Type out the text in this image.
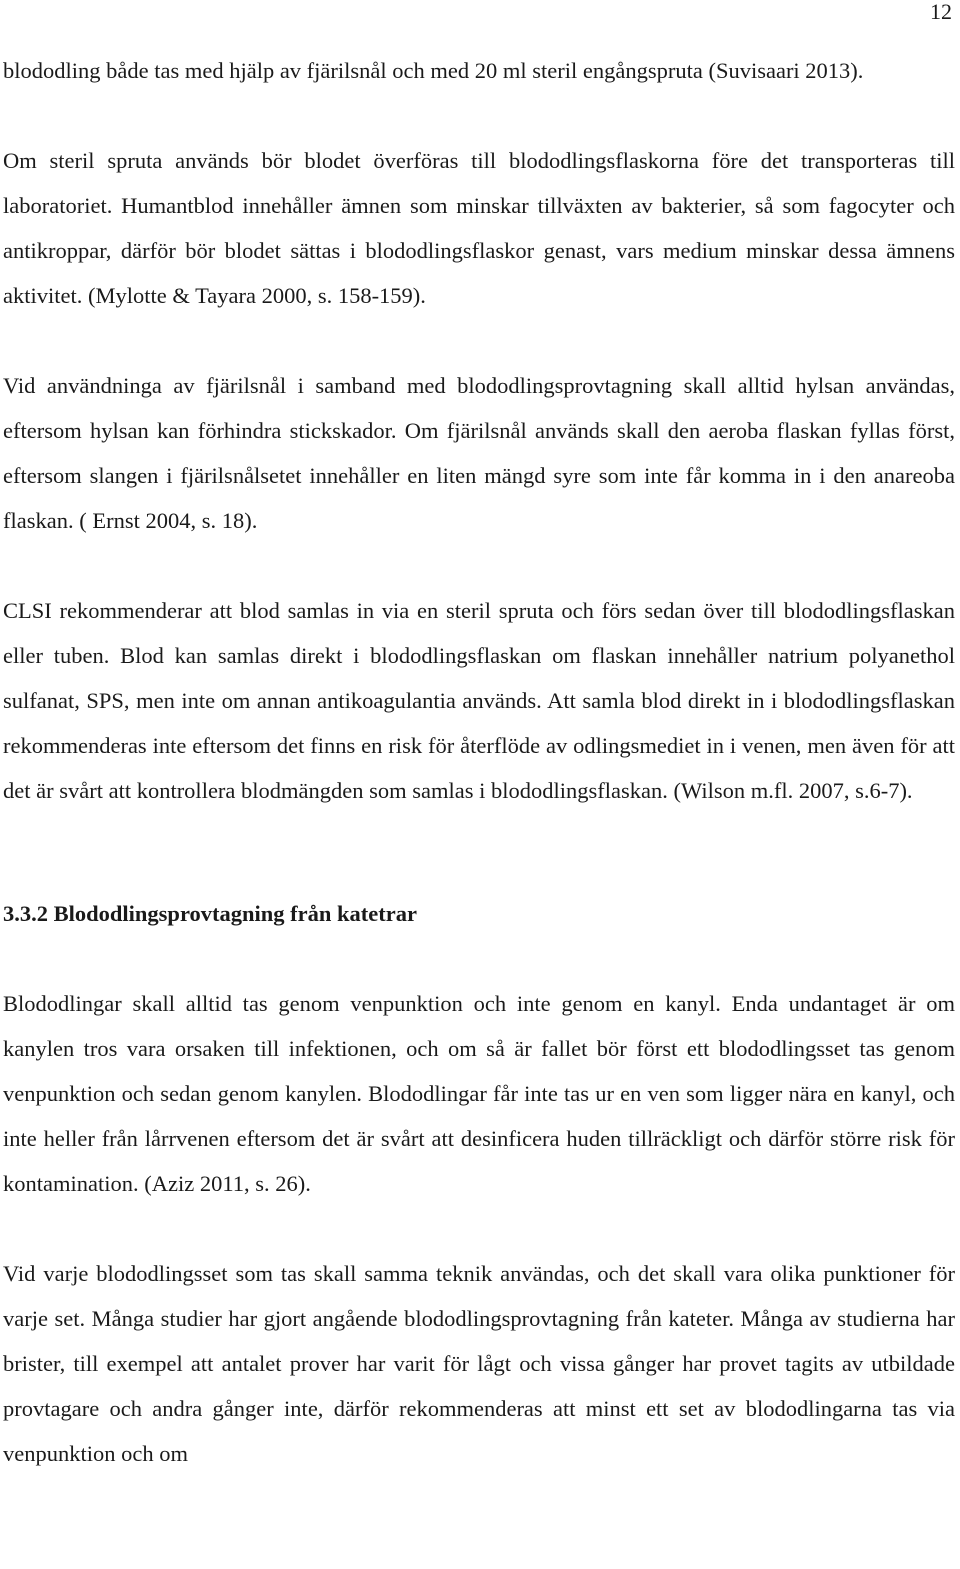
12

blododling både tas med hjälp av fjärilsnål och med 20 ml steril engångspruta (Suvisaari 2013).

Om steril spruta används bör blodet överföras till blododlingsflaskorna före det transporteras till laboratoriet. Humantblod innehåller ämnen som minskar tillväxten av bakterier, så som fagocyter och antikroppar, därför bör blodet sättas i blododlingsflaskor genast, vars medium minskar dessa ämnens aktivitet. (Mylotte & Tayara 2000, s. 158-159).

Vid användninga av fjärilsnål i samband med blododlingsprovtagning skall alltid hylsan användas, eftersom hylsan kan förhindra stickskador. Om fjärilsnål används skall den aeroba flaskan fyllas först, eftersom slangen i fjärilsnålsetet innehåller en liten mängd syre som inte får komma in i den anareoba flaskan. ( Ernst 2004, s. 18).

CLSI rekommenderar att blod samlas in via en steril spruta och förs sedan över till blododlingsflaskan eller tuben. Blod kan samlas direkt i blododlingsflaskan om flaskan innehåller natrium polyanethol sulfanat, SPS, men inte om annan antikoagulantia används. Att samla blod direkt in i blododlingsflaskan rekommenderas inte eftersom det finns en risk för återflöde av odlingsmediet in i venen, men även för att det är svårt att kontrollera blodmängden som samlas i blododlingsflaskan. (Wilson m.fl. 2007, s.6-7).

3.3.2 Blododlingsprovtagning från katetrar

Blododlingar skall alltid tas genom venpunktion och inte genom en kanyl. Enda undantaget är om kanylen tros vara orsaken till infektionen, och om så är fallet bör först ett blododlingsset tas genom venpunktion och sedan genom kanylen. Blododlingar får inte tas ur en ven som ligger nära en kanyl, och inte heller från lårrvenen eftersom det är svårt att desinficera huden tillräckligt och därför större risk för kontamination. (Aziz 2011, s. 26).

Vid varje blododlingsset som tas skall samma teknik användas, och det skall vara olika punktioner för varje set. Många studier har gjort angående blododlingsprovtagning från kateter. Många av studierna har brister, till exempel att antalet prover har varit för lågt och vissa gånger har provet tagits av utbildade provtagare och andra gånger inte, därför rekommenderas att minst ett set av blododlingarna tas via venpunktion och om
